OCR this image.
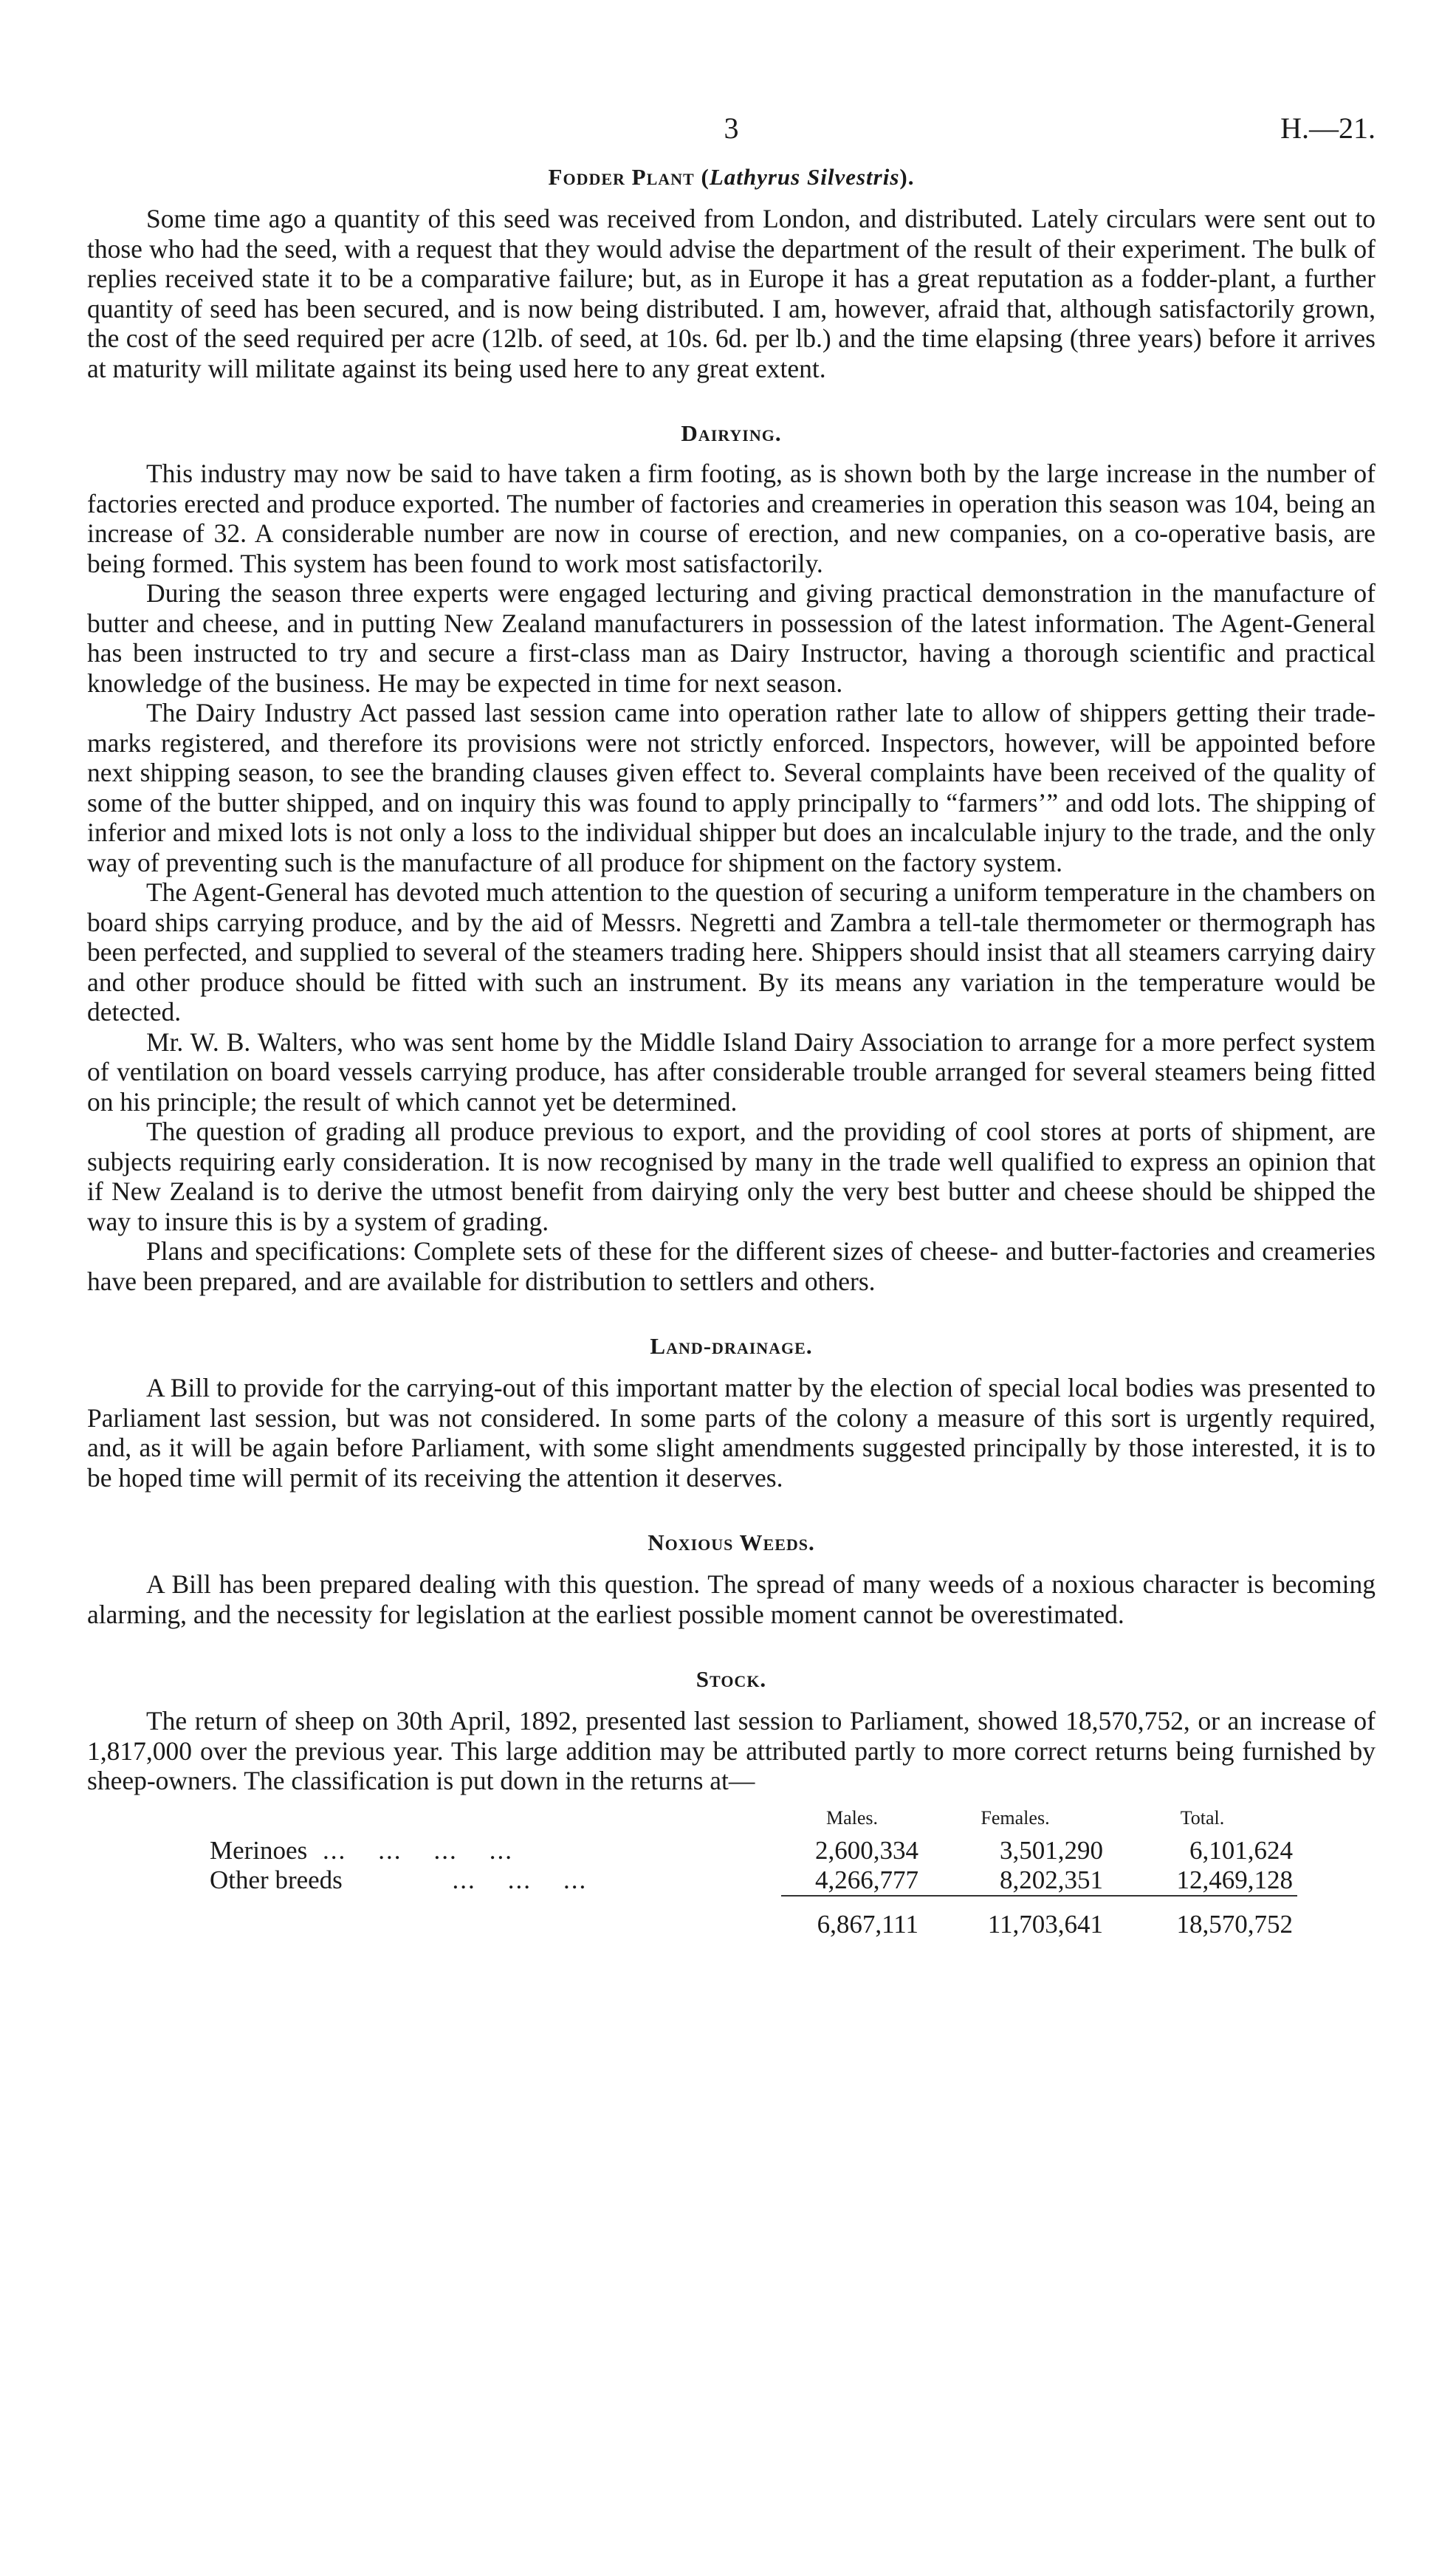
3	H.—21.
Fodder Plant (Lathyrus Silvestris).

Some time ago a quantity of this seed was received from London, and distributed. Lately circulars were sent out to those who had the seed, with a request that they would advise the department of the result of their experiment. The bulk of replies received state it to be a comparative failure; but, as in Europe it has a great reputation as a fodder-plant, a further quantity of seed has been secured, and is now being distributed. I am, however, afraid that, although satisfactorily grown, the cost of the seed required per acre (12lb. of seed, at 10s. 6d. per lb.) and the time elapsing (three years) before it arrives at maturity will militate against its being used here to any great extent.

Dairying.

This industry may now be said to have taken a firm footing, as is shown both by the large increase in the number of factories erected and produce exported. The number of factories and creameries in operation this season was 104, being an increase of 32. A considerable number are now in course of erection, and new companies, on a co-operative basis, are being formed. This system has been found to work most satisfactorily.

During the season three experts were engaged lecturing and giving practical demonstration in the manufacture of butter and cheese, and in putting New Zealand manufacturers in possession of the latest information. The Agent-General has been instructed to try and secure a first-class man as Dairy Instructor, having a thorough scientific and practical knowledge of the business. He may be expected in time for next season.

The Dairy Industry Act passed last session came into operation rather late to allow of shippers getting their trade-marks registered, and therefore its provisions were not strictly enforced. Inspectors, however, will be appointed before next shipping season, to see the branding clauses given effect to. Several complaints have been received of the quality of some of the butter shipped, and on inquiry this was found to apply principally to “farmers’” and odd lots. The shipping of inferior and mixed lots is not only a loss to the individual shipper but does an incalculable injury to the trade, and the only way of preventing such is the manufacture of all produce for shipment on the factory system.

The Agent-General has devoted much attention to the question of securing a uniform temperature in the chambers on board ships carrying produce, and by the aid of Messrs. Negretti and Zambra a tell-tale thermometer or thermograph has been perfected, and supplied to several of the steamers trading here. Shippers should insist that all steamers carrying dairy and other produce should be fitted with such an instrument. By its means any variation in the temperature would be detected.

Mr. W. B. Walters, who was sent home by the Middle Island Dairy Association to arrange for a more perfect system of ventilation on board vessels carrying produce, has after considerable trouble arranged for several steamers being fitted on his principle; the result of which cannot yet be determined.

The question of grading all produce previous to export, and the providing of cool stores at ports of shipment, are subjects requiring early consideration. It is now recognised by many in the trade well qualified to express an opinion that if New Zealand is to derive the utmost benefit from dairying only the very best butter and cheese should be shipped the way to insure this is by a system of grading.

Plans and specifications: Complete sets of these for the different sizes of cheese- and butter-factories and creameries have been prepared, and are available for distribution to settlers and others.

Land-drainage.

A Bill to provide for the carrying-out of this important matter by the election of special local bodies was presented to Parliament last session, but was not considered. In some parts of the colony a measure of this sort is urgently required, and, as it will be again before Parliament, with some slight amendments suggested principally by those interested, it is to be hoped time will permit of its receiving the attention it deserves.

Noxious Weeds.

A Bill has been prepared dealing with this question. The spread of many weeds of a noxious character is becoming alarming, and the necessity for legislation at the earliest possible moment cannot be overestimated.

Stock.

The return of sheep on 30th April, 1892, presented last session to Parliament, showed 18,570,752, or an increase of 1,817,000 over the previous year. This large addition may be attributed partly to more correct returns being furnished by sheep-owners. The classification is put down in the returns at—

	Males.	Females.	Total.
Merinoes ...    ...    ...    ...	2,600,334	3,501,290	6,101,624
Other breeds ...    ...    ...	4,266,777	8,202,351	12,469,128
	6,867,111	11,703,641	18,570,752
